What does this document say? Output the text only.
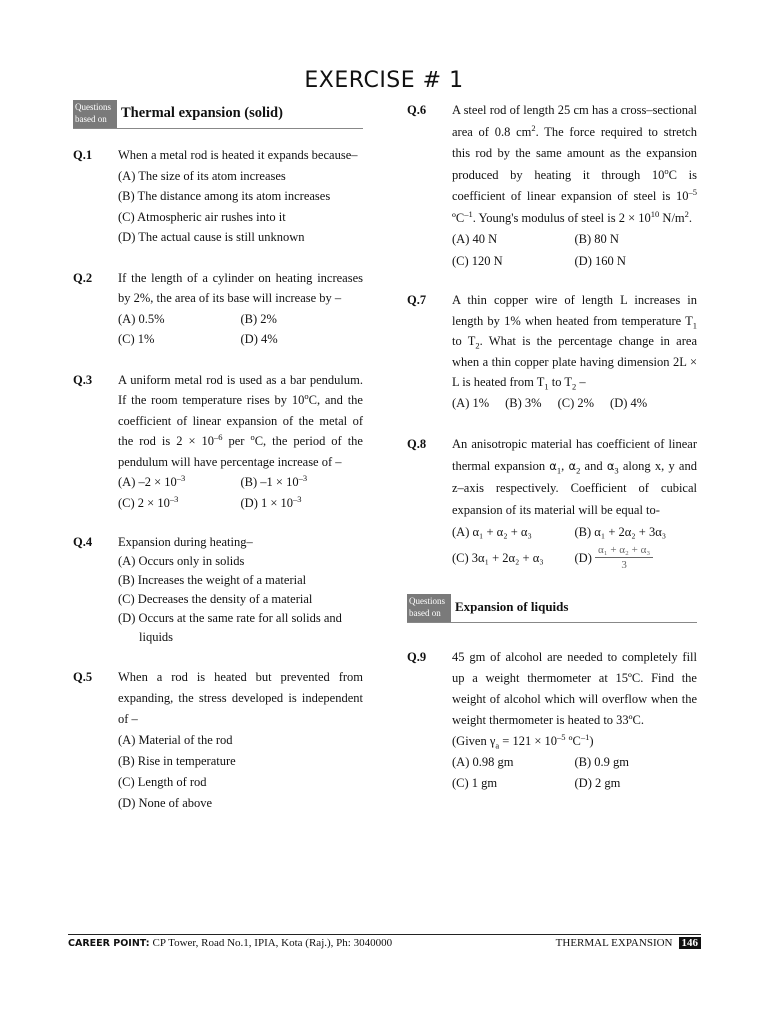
EXERCISE # 1
Questions based on Thermal expansion (solid)
Q.1	When a metal rod is heated it expands because–
(A) The size of its atom increases
(B) The distance among its atom increases
(C) Atmospheric air rushes into it
(D) The actual cause is still unknown
Q.2	If the length of a cylinder on heating increases by 2%, the area of its base will increase by –
(A) 0.5%	(B) 2%
(C) 1%	(D) 4%
Q.3	A uniform metal rod is used as a bar pendulum. If the room temperature rises by 10$^o$C, and the coefficient of linear expansion of the metal of the rod is $2 \times 10^{-6}$ per $^o$C, the period of the pendulum will have percentage increase of –
(A) $-2 \times 10^{-3}$	(B) $-1 \times 10^{-3}$
(C) $2 \times 10^{-3}$	(D) $1 \times 10^{-3}$
Q.4	Expansion during heating–
(A) Occurs only in solids
(B) Increases the weight of a material
(C) Decreases the density of a material
(D) Occurs at the same rate for all solids and liquids
Q.5	When a rod is heated but prevented from expanding, the stress developed is independent of –
(A) Material of the rod
(B) Rise in temperature
(C) Length of rod
(D) None of above
Q.6	A steel rod of length 25 cm has a cross–sectional area of 0.8 $cm^2$. The force required to stretch this rod by the same amount as the expansion produced by heating it through 10$^o$C is coefficient of linear expansion of steel is $10^{-5}$ ºC$^{-1}$. Young's modulus of steel is $2 \times 10^{10}$ $N/m^2$.
(A) 40 N	(B) 80 N
(C) 120 N	(D) 160 N
Q.7	A thin copper wire of length L increases in length by 1% when heated from temperature $T_1$ to $T_2$. What is the percentage change in area when a thin copper plate having dimension 2L × L is heated from $T_1$ to $T_2$ –
(A) 1% (B) 3% (C) 2% (D) 4%
Q.8	An anisotropic material has coefficient of linear thermal expansion $\alpha_1$, $\alpha_2$ and $\alpha_3$ along x, y and z–axis respectively. Coefficient of cubical expansion of its material will be equal to-
(A) α₁ + α₂ + α₃	(B) α₁ + 2α₂ + 3α₃
(C) 3α₁ + 2α₂ + α₃	(D)
$\frac{\text{α₁ + α₂ + α₃}}{3}$
Questions based on	Expansion of liquids
Q.9	45 gm of alcohol are needed to completely fill up a weight thermometer at 15ºC. Find the weight of alcohol which will overflow when the weight thermometer is heated to 33ºC.
(Given $\gamma_a = 121 \times 10^{-5}$ ºC$^{-1}$)
(A) 0.98 gm	(B) 0.9 gm
(C) 1 gm	(D) 2 gm
CAREER POINT: CP Tower, Road No.1, IPIA, Kota (Raj.), Ph: 3040000	THERMAL EXPANSION 146
